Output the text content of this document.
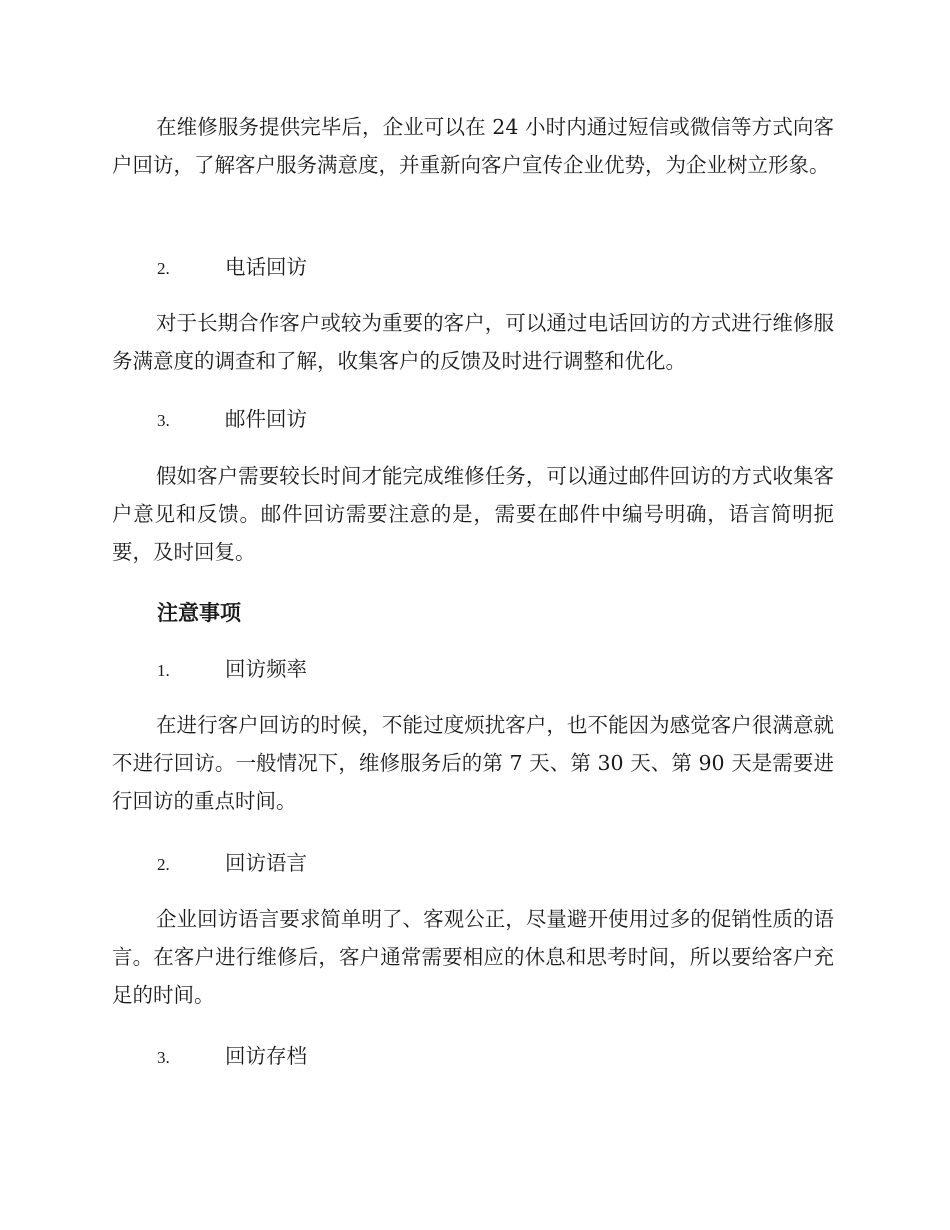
在维修服务提供完毕后，企业可以在 24 小时内通过短信或微信等方式向客户回访，了解客户服务满意度，并重新向客户宣传企业优势，为企业树立形象。

2.	电话回访

对于长期合作客户或较为重要的客户，可以通过电话回访的方式进行维修服务满意度的调查和了解，收集客户的反馈及时进行调整和优化。

3.	邮件回访

假如客户需要较长时间才能完成维修任务，可以通过邮件回访的方式收集客户意见和反馈。邮件回访需要注意的是，需要在邮件中编号明确，语言简明扼要，及时回复。

注意事项
1.	回访频率

在进行客户回访的时候，不能过度烦扰客户，也不能因为感觉客户很满意就不进行回访。一般情况下，维修服务后的第 7 天、第 30 天、第 90 天是需要进行回访的重点时间。

2.	回访语言

企业回访语言要求简单明了、客观公正，尽量避开使用过多的促销性质的语言。在客户进行维修后，客户通常需要相应的休息和思考时间，所以要给客户充足的时间。

3.	回访存档
